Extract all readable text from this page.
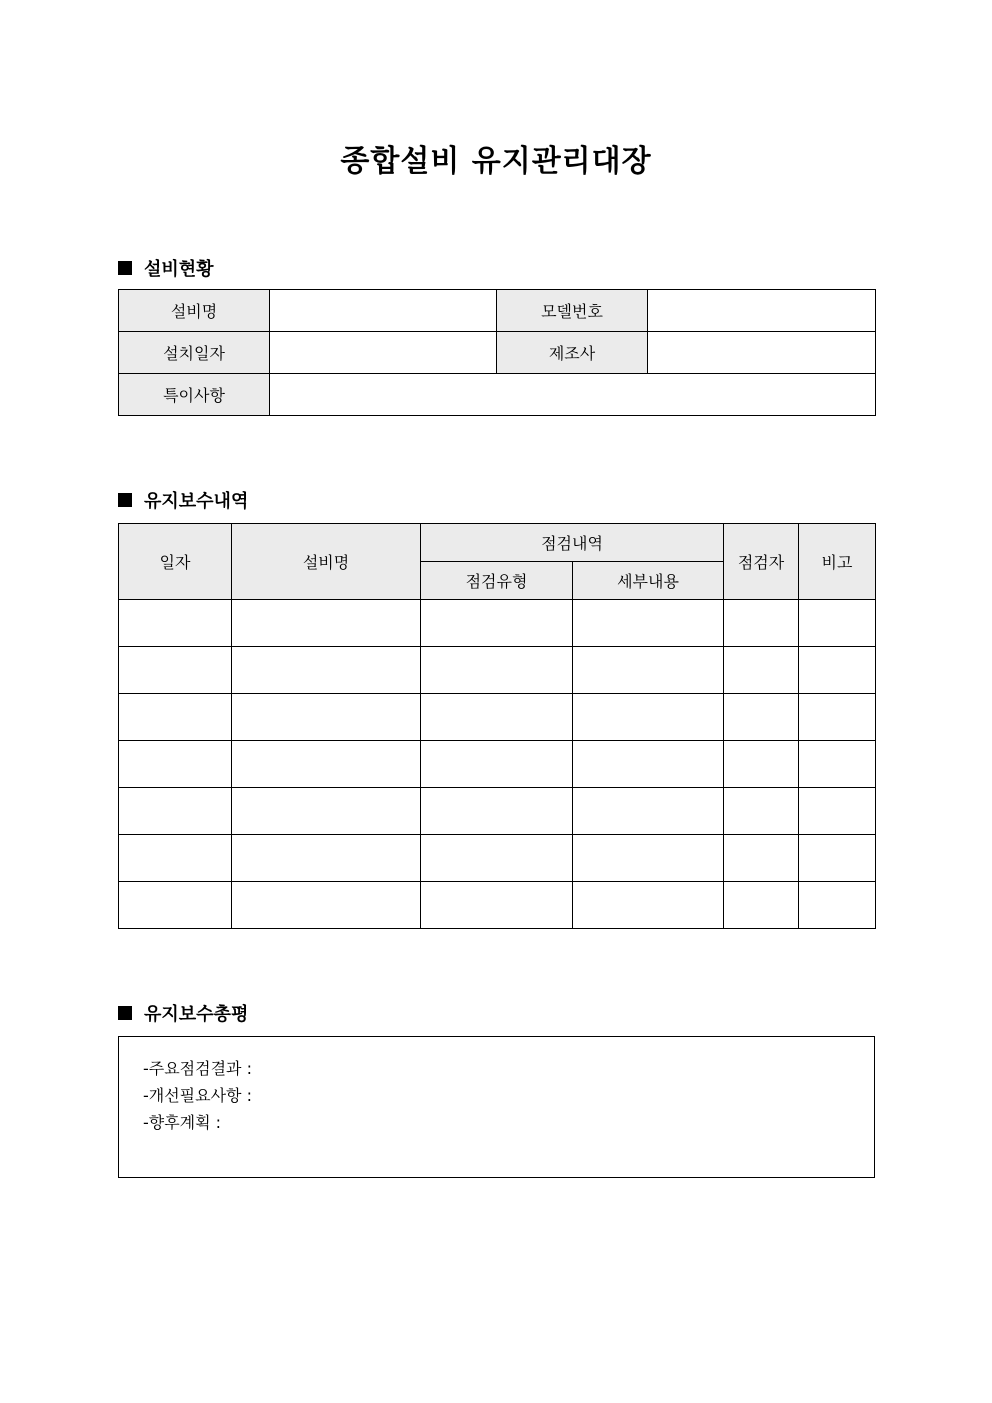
종합설비 유지관리대장
설비현황
설비명		모델번호	
설치일자		제조사	
특이사항			
유지보수내역
일자	설비명	점검내역		점검자	비고
		점검유형	세부내용		

유지보수총평
-주요점검결과 :
-개선필요사항 :
-향후계획 :
